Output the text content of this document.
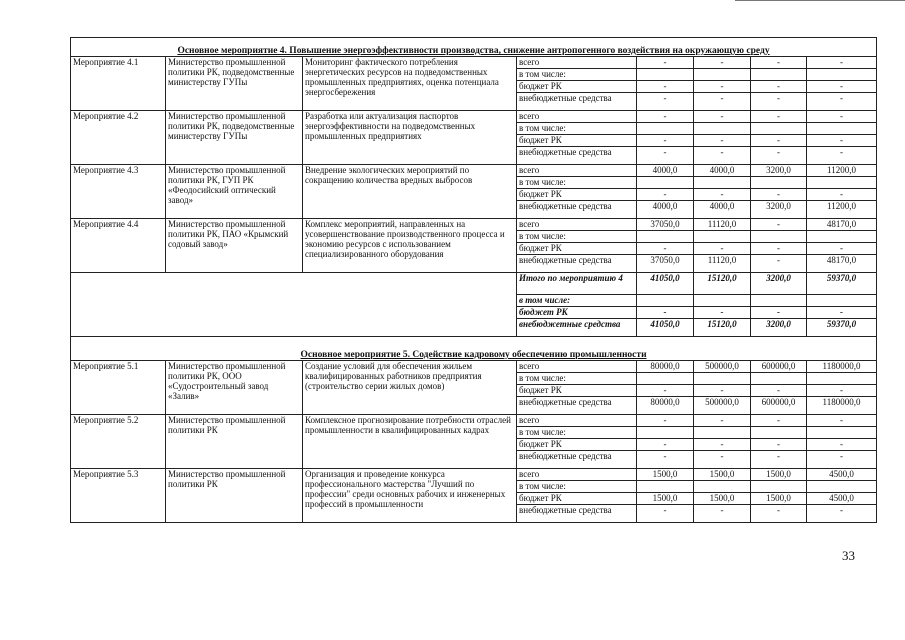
Основное мероприятие 4. Повышение энергоэффективности производства, снижение антропогенного воздействия на окружающую среду							
Мероприятие 4.1	Министерство промышленной политики РК, подведомственные министерству ГУПы	Мониторинг фактического потребления энергетических ресурсов на подведомственных промышленных предприятиях, оценка потенциала энергосбережения	всего	-	-	-	-
			в том числе:				
			бюджет РК	-	-	-	-
			внебюджетные средства	-	-	-	-
Мероприятие 4.2	Министерство промышленной политики РК, подведомственные министерству ГУПы	Разработка или актуализация паспортов энергоэффективности на подведомственных промышленных предприятиях	всего	-	-	-	-
			в том числе:				
			бюджет РК	-	-	-	-
			внебюджетные средства	-	-	-	-
Мероприятие 4.3	Министерство промышленной политики РК, ГУП РК «Феодосийский оптический завод»	Внедрение экологических мероприятий по сокращению количества вредных выбросов	всего	4000,0	4000,0	3200,0	11200,0
			в том числе:				
			бюджет РК	-	-	-	-
			внебюджетные средства	4000,0	4000,0	3200,0	11200,0
Мероприятие 4.4	Министерство промышленной политики РК, ПАО «Крымский содовый завод»	Комплекс мероприятий, направленных на усовершенствование производственного процесса и экономию ресурсов с использованием специализированного оборудования	всего	37050,0	11120,0	-	48170,0
			в том числе:				
			бюджет РК	-	-	-	-
			внебюджетные средства	37050,0	11120,0	-	48170,0
			Итого по мероприятию 4	41050,0	15120,0	3200,0	59370,0
			в том числе:				
			бюджет РК	-	-	-	-
			внебюджетные средства	41050,0	15120,0	3200,0	59370,0
Основное мероприятие 5. Содействие кадровому обеспечению промышленности							
Мероприятие 5.1	Министерство промышленной политики РК, ООО «Судостроительный завод «Залив»	Создание условий для обеспечения жильем квалифицированных работников предприятия (строительство серии жилых домов)	всего	80000,0	500000,0	600000,0	1180000,0
			в том числе:				
			бюджет РК	-	-	-	-
			внебюджетные средства	80000,0	500000,0	600000,0	1180000,0
Мероприятие 5.2	Министерство промышленной политики РК	Комплексное прогнозирование потребности отраслей промышленности в квалифицированных кадрах	всего	-	-	-	-
			в том числе:				
			бюджет РК	-	-	-	-
			внебюджетные средства	-	-	-	-
Мероприятие 5.3	Министерство промышленной политики РК	Организация и проведение конкурса профессионального мастерства "Лучший по профессии" среди основных рабочих и инженерных профессий в промышленности	всего	1500,0	1500,0	1500,0	4500,0
			в том числе:				
			бюджет РК	1500,0	1500,0	1500,0	4500,0
			внебюджетные средства	-	-	-	-
33
